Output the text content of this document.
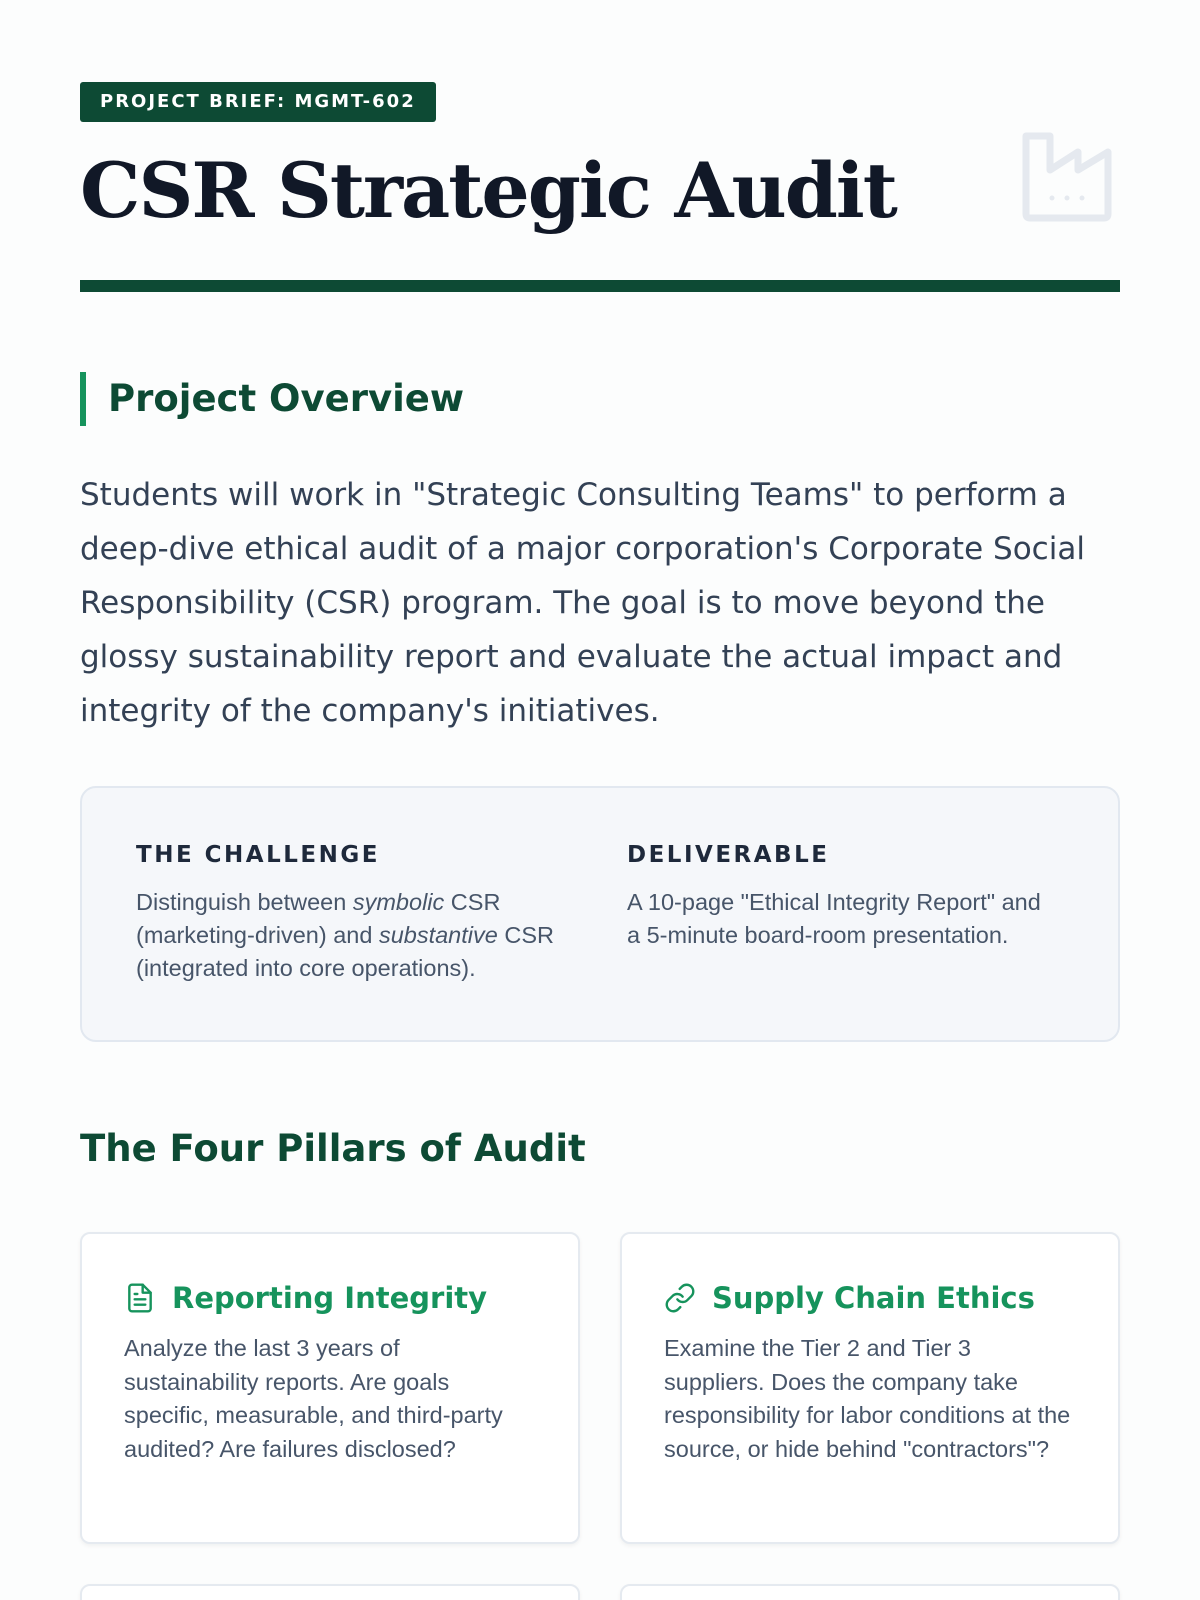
PROJECT BRIEF: MGMT-602
CSR Strategic Audit
Project Overview

Students will work in "Strategic Consulting Teams" to perform a deep-dive ethical audit of a major corporation's Corporate Social Responsibility (CSR) program. The goal is to move beyond the glossy sustainability report and evaluate the actual impact and integrity of the company's initiatives.

THE CHALLENGE

Distinguish between symbolic CSR (marketing-driven) and substantive CSR (integrated into core operations).

DELIVERABLE

A 10-page "Ethical Integrity Report" and a 5-minute board-room presentation.

The Four Pillars of Audit
Reporting Integrity

Analyze the last 3 years of sustainability reports. Are goals specific, measurable, and third-party audited? Are failures disclosed?

Supply Chain Ethics

Examine the Tier 2 and Tier 3 suppliers. Does the company take responsibility for labor conditions at the source, or hide behind "contractors"?
